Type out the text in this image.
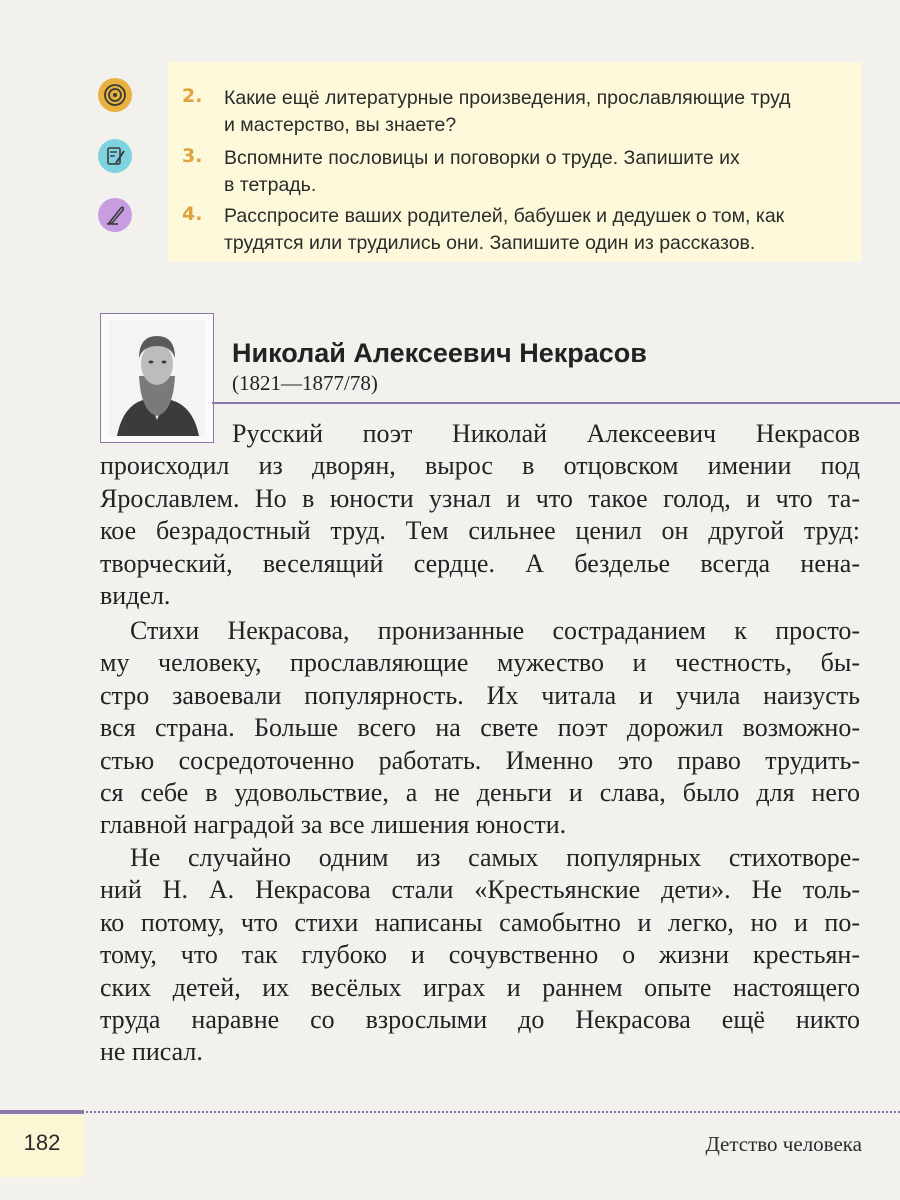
2. Какие ещё литературные произведения, прославляющие труд
и мастерство, вы знаете?
3. Вспомните пословицы и поговорки о труде. Запишите их
в тетрадь.
4. Расспросите ваших родителей, бабушек и дедушек о том, как
трудятся или трудились они. Запишите один из рассказов.
Николай Алексеевич Некрасов
(1821—1877/78)
Русский поэт Николай Алексеевич Некрасов
происходил из дворян, вырос в отцовском имении под
Ярославлем. Но в юности узнал и что такое голод, и что та-
кое безрадостный труд. Тем сильнее ценил он другой труд:
творческий, веселящий сердце. А безделье всегда нена-
видел.
Стихи Некрасова, пронизанные состраданием к просто-
му человеку, прославляющие мужество и честность, бы-
стро завоевали популярность. Их читала и учила наизусть
вся страна. Больше всего на свете поэт дорожил возможно-
стью сосредоточенно работать. Именно это право трудить-
ся себе в удовольствие, а не деньги и слава, было для него
главной наградой за все лишения юности.
Не случайно одним из самых популярных стихотворе-
ний Н. А. Некрасова стали «Крестьянские дети». Не толь-
ко потому, что стихи написаны самобытно и легко, но и по-
тому, что так глубоко и сочувственно о жизни крестьян-
ских детей, их весёлых играх и раннем опыте настоящего
труда наравне со взрослыми до Некрасова ещё никто
не писал.
182	Детство человека
